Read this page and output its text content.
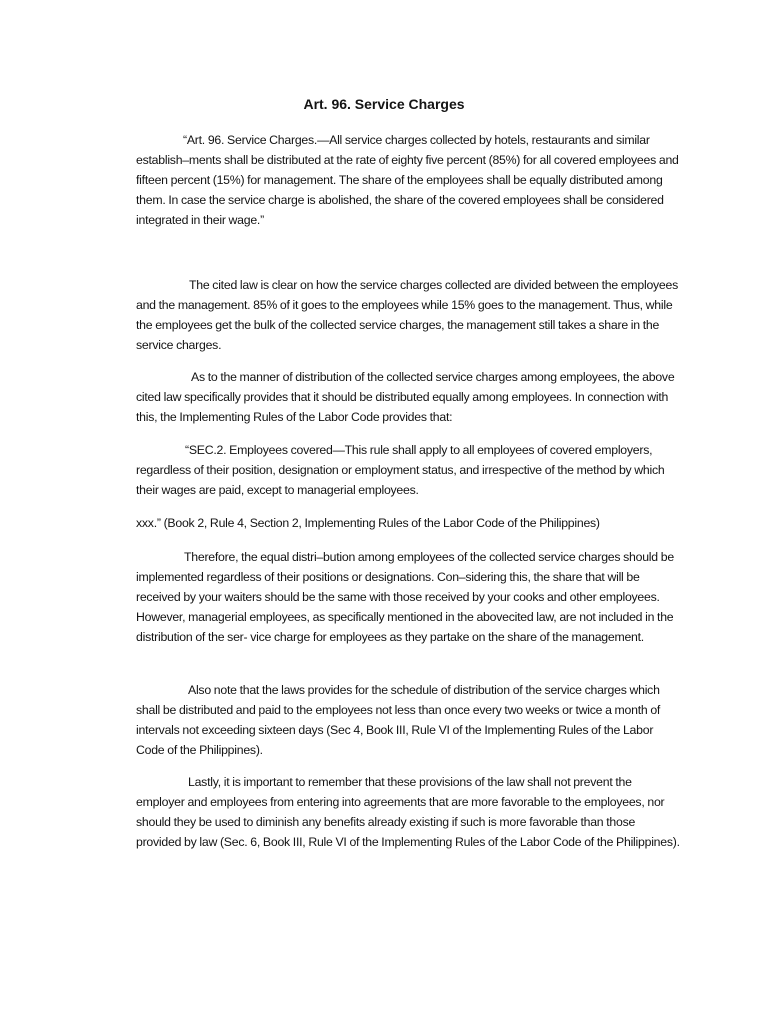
Art. 96. Service Charges

“Art. 96. Service Charges.—All service charges collected by hotels, restaurants and similar establish–ments shall be distributed at the rate of eighty five percent (85%) for all covered employees and fifteen percent (15%) for management. The share of the employees shall be equally distributed among them. In case the service charge is abolished, the share of the covered employees shall be considered integrated in their wage.”

The cited law is clear on how the service charges collected are divided between the employees and the management. 85% of it goes to the employees while 15% goes to the management. Thus, while the employees get the bulk of the collected service charges, the management still takes a share in the service charges.

As to the manner of distribution of the collected service charges among employees, the above cited law specifically provides that it should be distributed equally among employees. In connection with this, the Implementing Rules of the Labor Code provides that:

“SEC.2. Employees covered—This rule shall apply to all employees of covered employers, regardless of their position, designation or employment status, and irrespective of the method by which their wages are paid, except to managerial employees.

xxx.” (Book 2, Rule 4, Section 2, Implementing Rules of the Labor Code of the Philippines)

Therefore, the equal distri–bution among employees of the collected service charges should be implemented regardless of their positions or designations. Con–sidering this, the share that will be received by your waiters should be the same with those received by your cooks and other employees. However, managerial employees, as specifically mentioned in the abovecited law, are not included in the distribution of the ser- vice charge for employees as they partake on the share of the management.

Also note that the laws provides for the schedule of distribution of the service charges which shall be distributed and paid to the employees not less than once every two weeks or twice a month of intervals not exceeding sixteen days (Sec 4, Book III, Rule VI of the Implementing Rules of the Labor Code of the Philippines).

Lastly, it is important to remember that these provisions of the law shall not prevent the employer and employees from entering into agreements that are more favorable to the employees, nor should they be used to diminish any benefits already existing if such is more favorable than those provided by law (Sec. 6, Book III, Rule VI of the Implementing Rules of the Labor Code of the Philippines).
